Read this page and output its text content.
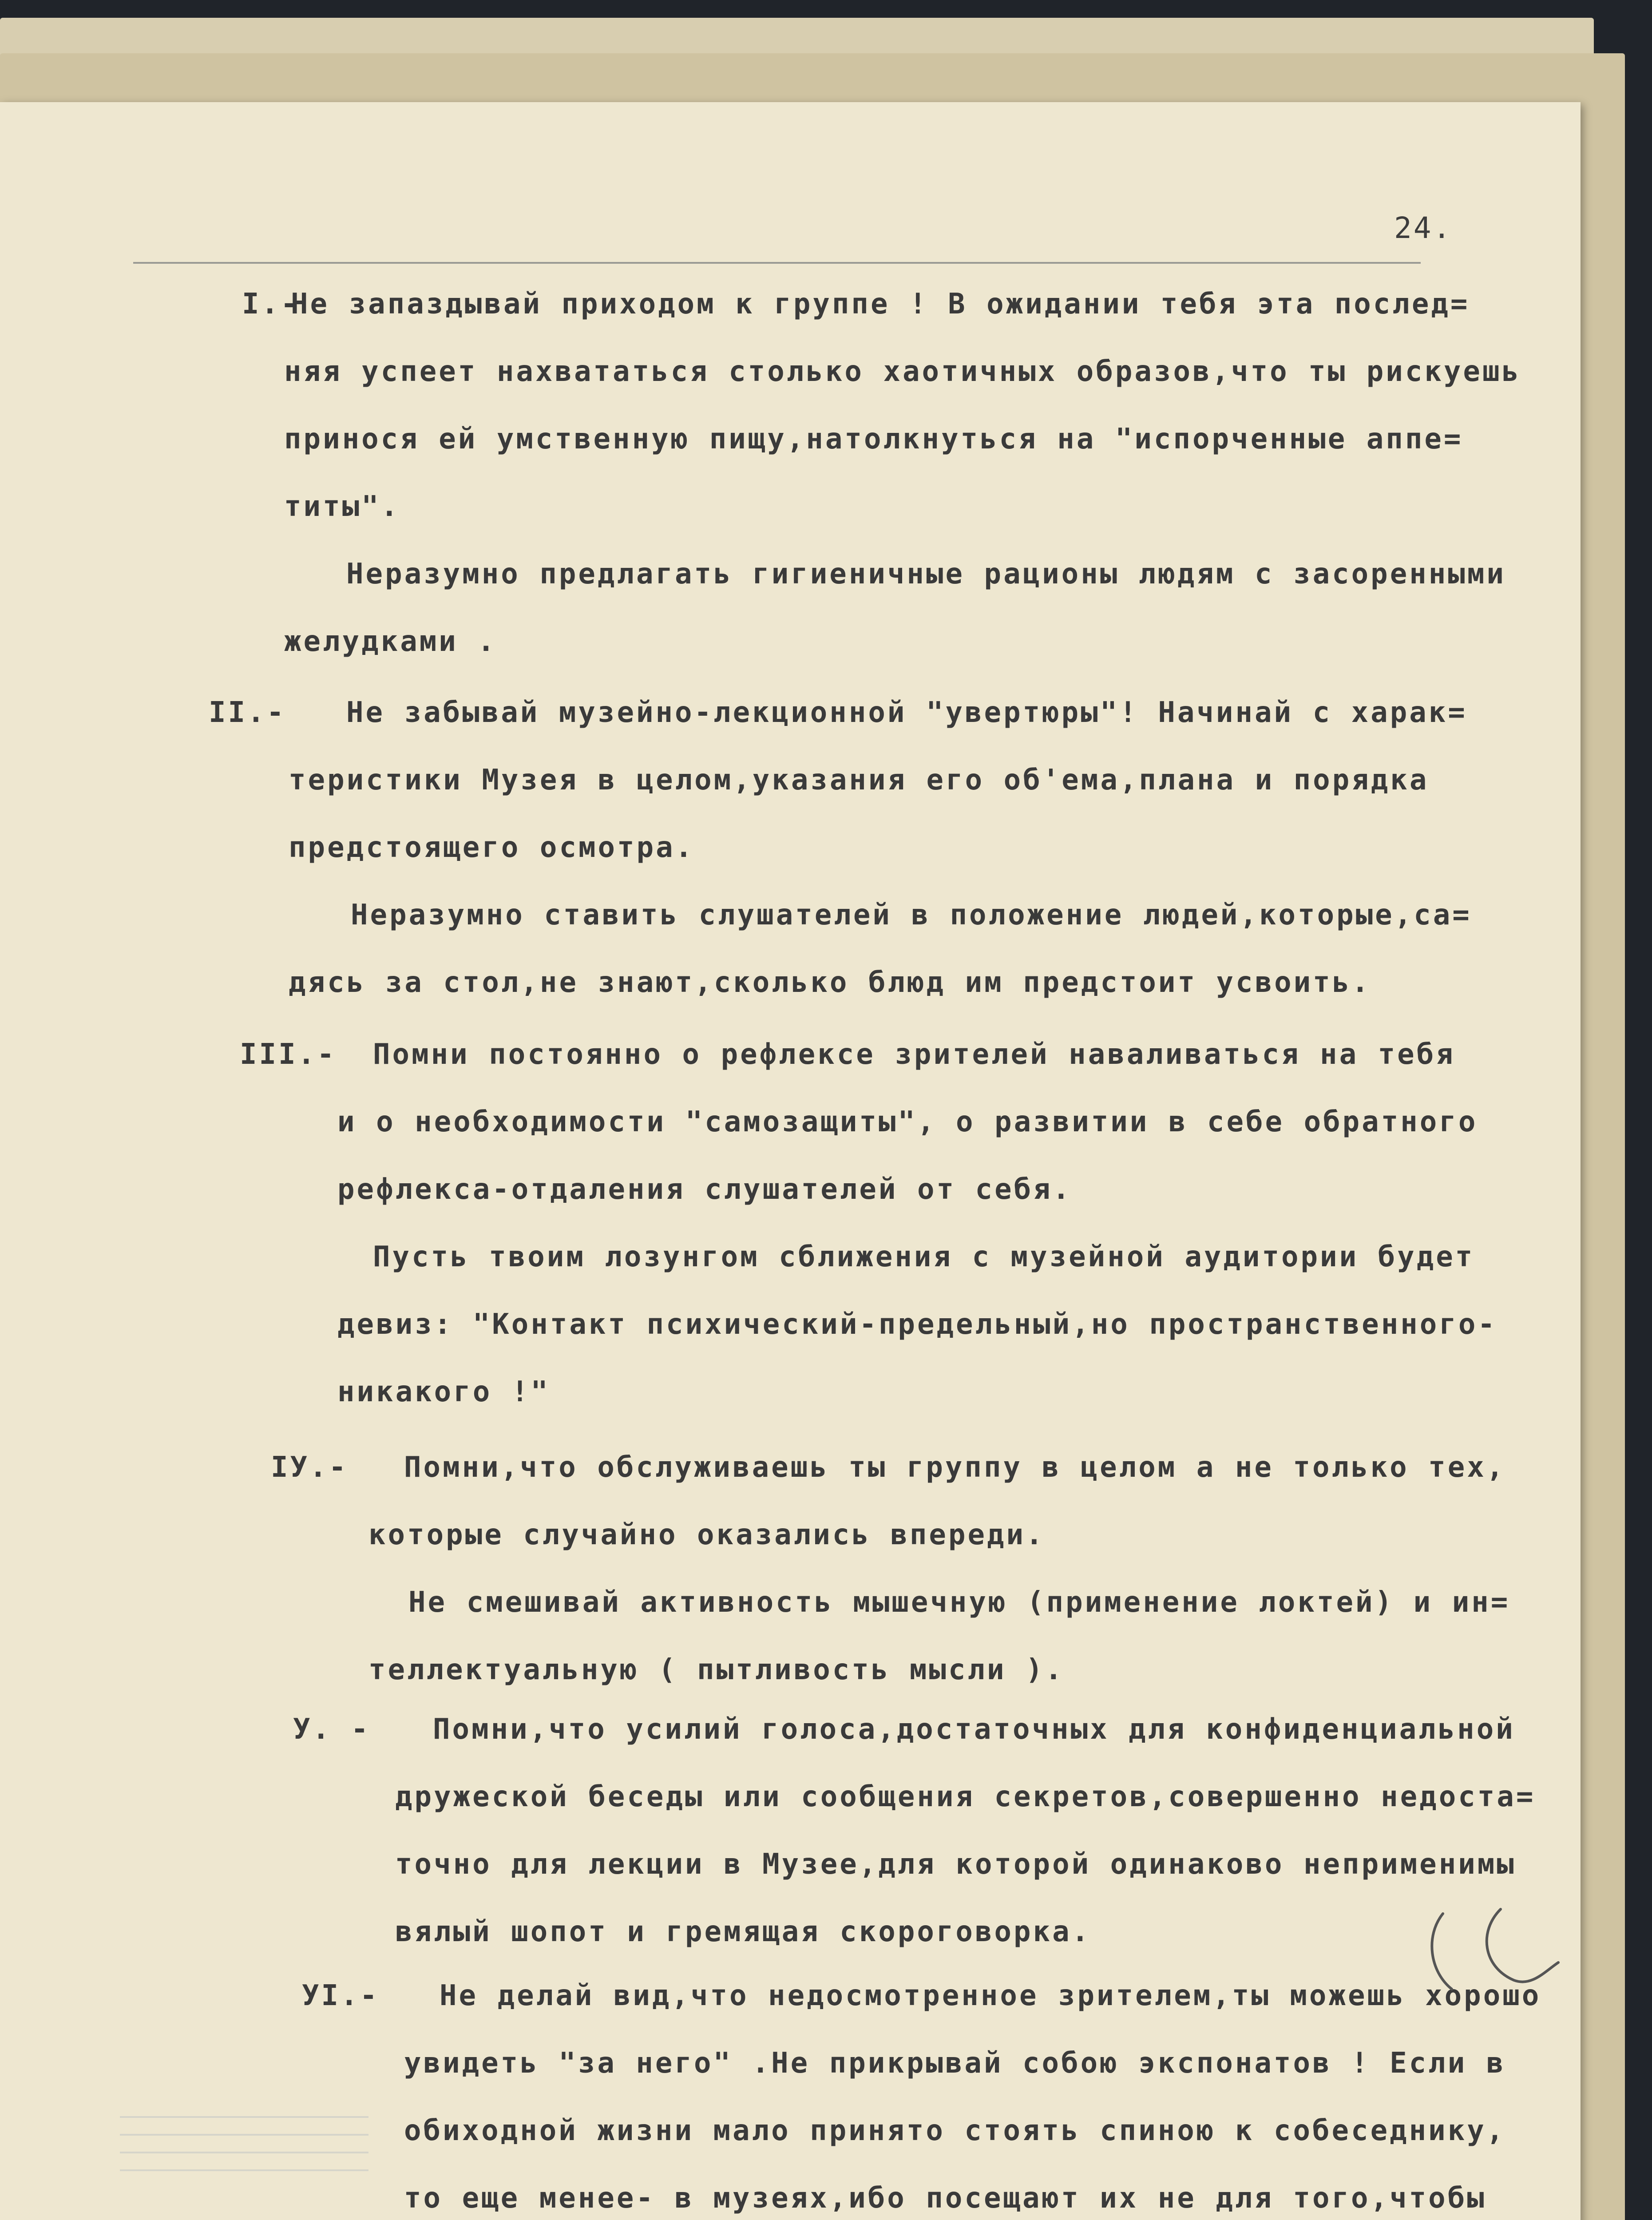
24.
I.-
Не запаздывай приходом к группе ! В ожидании тебя эта послед=
няя успеет нахвататься столько хаотичных образов,что ты рискуешь
принося ей умственную пищу,натолкнуться на "испорченные аппе=
титы".
Неразумно предлагать гигиеничные рационы людям с засоренными
желудками .
II.- Не забывай музейно-лекционной "увертюры"! Начинай с харак=
теристики Музея в целом,указания его об'ема,плана и порядка
предстоящего осмотра.
Неразумно ставить слушателей в положение людей,которые,са=
дясь за стол,не знают,сколько блюд им предстоит усвоить.
III.- Помни постоянно о рефлексе зрителей наваливаться на тебя
и о необходимости "самозащиты", о развитии в себе обратного
рефлекса-отдаления слушателей от себя.
Пусть твоим лозунгом сближения с музейной аудитории будет
девиз: "Контакт психический-предельный,но пространственного-
никакого !"
IУ.- Помни,что обслуживаешь ты группу в целом а не только тех,
которые случайно оказались впереди.
Не смешивай активность мышечную (применение локтей) и ин=
теллектуальную ( пытливость мысли ).
У. - Помни,что усилий голоса,достаточных для конфиденциальной
дружеской беседы или сообщения секретов,совершенно недоста=
точно для лекции в Музее,для которой одинаково неприменимы
вялый шопот и гремящая скороговорка.
УI.- Не делай вид,что недосмотренное зрителем,ты можешь хорошо
увидеть "за него" .Не прикрывай собою экспонатов ! Если в
обиходной жизни мало принято стоять спиною к собеседнику,
то еще менее- в музеях,ибо посещают их не для того,чтобы
